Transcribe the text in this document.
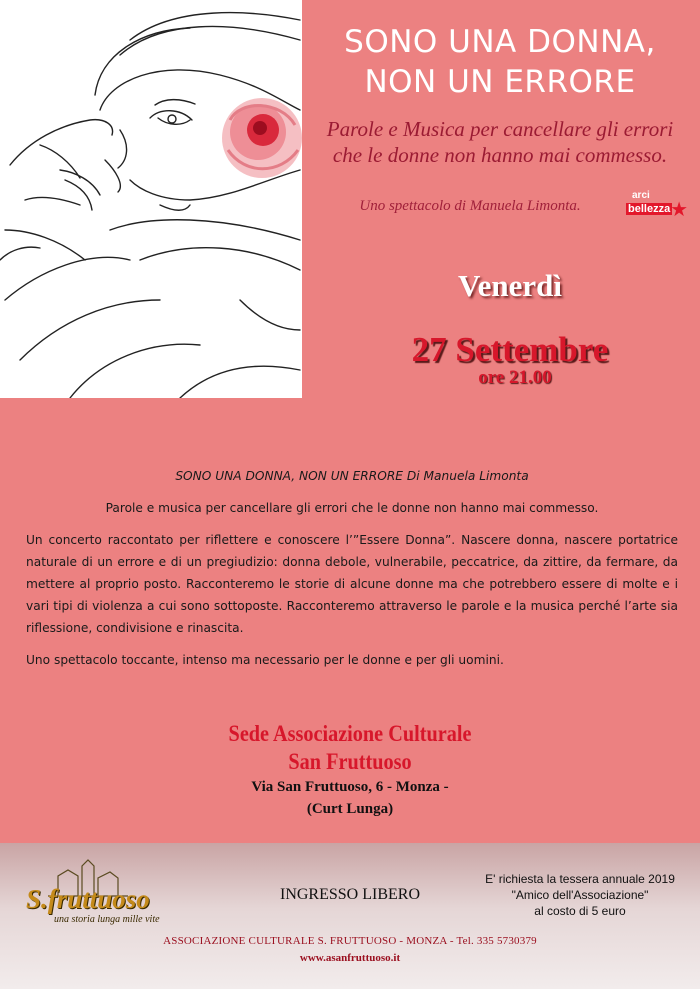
SONO UNA DONNA,
NON UN ERRORE
Parole e Musica per cancellare gli errori
che le donne non hanno mai commesso.
Uno spettacolo di Manuela Limonta.
arci
bellezza ★
Venerdì
27 Settembre
ore 21.00

SONO UNA DONNA, NON UN ERRORE Di Manuela Limonta

Parole e musica per cancellare gli errori che le donne non hanno mai commesso.

Un concerto raccontato per riflettere e conoscere l’”Essere Donna”. Nascere donna, nascere portatrice naturale di un errore e di un pregiudizio: donna debole, vulnerabile, peccatrice, da zittire, da fermare, da mettere al proprio posto. Racconteremo le storie di alcune donne ma che potrebbero essere di molte e i vari tipi di violenza a cui sono sottoposte. Racconteremo attraverso le parole e la musica perché l’arte sia riflessione, condivisione e rinascita.

Uno spettacolo toccante, intenso ma necessario per le donne e per gli uomini.

Sede Associazione Culturale
San Fruttuoso
Via San Fruttuoso, 6 - Monza -
(Curt Lunga)
S.fruttuoso
una storia lunga mille vite
INGRESSO LIBERO
E' richiesta la tessera annuale 2019
"Amico dell'Associazione"
al costo di 5 euro
ASSOCIAZIONE CULTURALE S. FRUTTUOSO - MONZA - Tel. 335 5730379
www.asanfruttuoso.it
